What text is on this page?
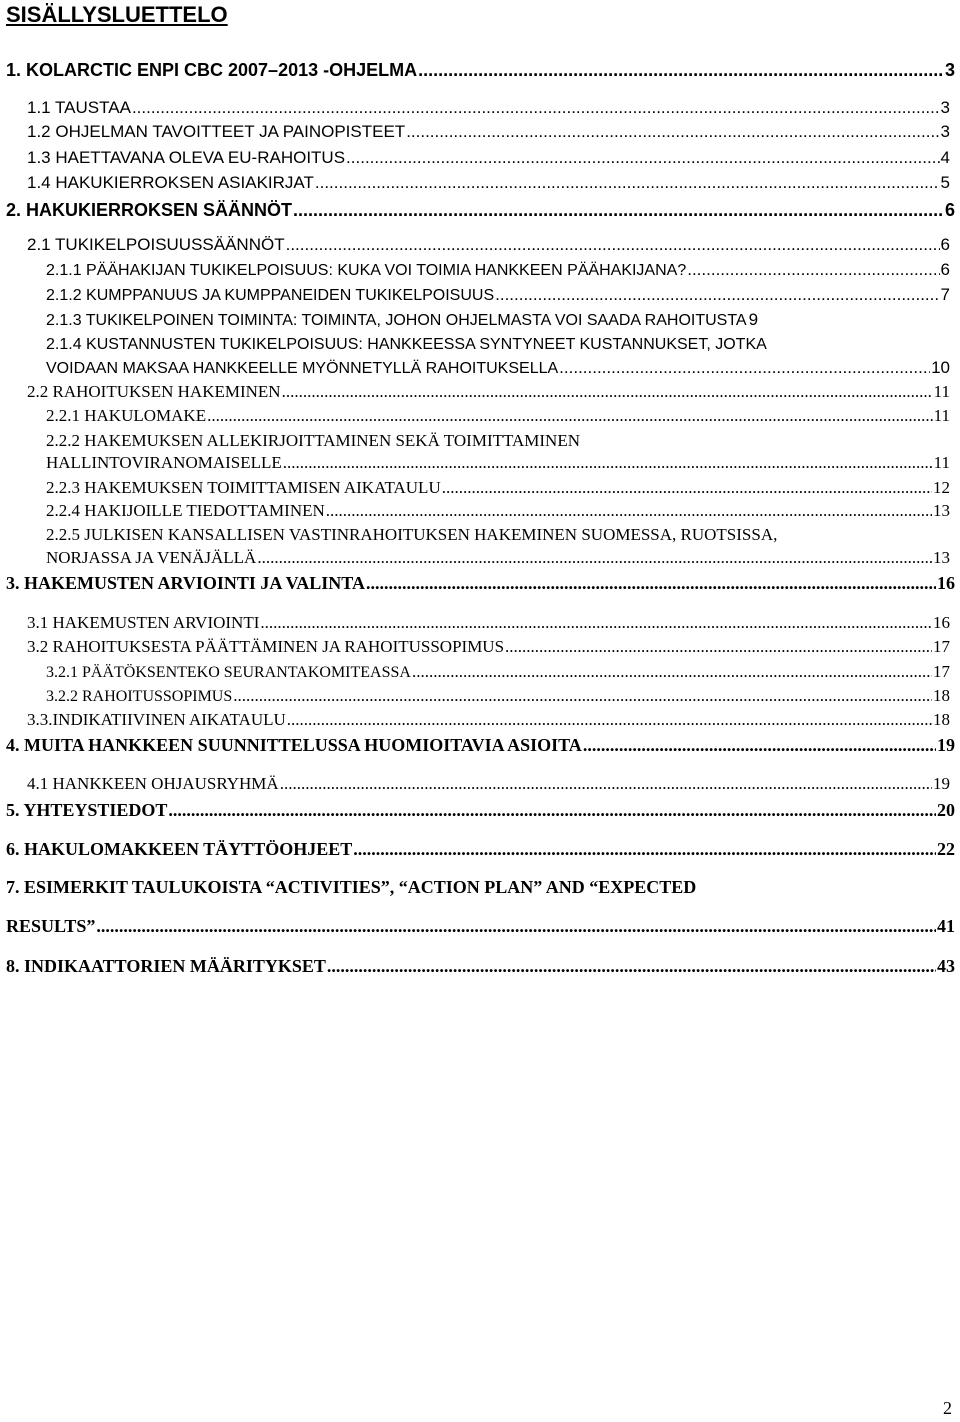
SISÄLLYSLUETTELO
1. KOLARCTIC ENPI CBC 2007–2013 -OHJELMA .....	3
1.1 TAUSTAA .....	3
1.2 OHJELMAN TAVOITTEET JA PAINOPISTEET .....	3
1.3 HAETTAVANA OLEVA EU-RAHOITUS .....	4
1.4 HAKUKIERROKSEN ASIAKIRJAT .....	5
2. HAKUKIERROKSEN SÄÄNNÖT .....	6
2.1 TUKIKELPOISUUSSÄÄNNÖT .....	6
2.1.1 PÄÄHAKIJAN TUKIKELPOISUUS: KUKA VOI TOIMIA HANKKEEN PÄÄHAKIJANA? .....	6
2.1.2 KUMPPANUUS JA KUMPPANEIDEN TUKIKELPOISUUS .....	7
2.1.3 TUKIKELPOINEN TOIMINTA: TOIMINTA, JOHON OHJELMASTA VOI SAADA RAHOITUSTA 9
2.1.4 KUSTANNUSTEN TUKIKELPOISUUS: HANKKEESSA SYNTYNEET KUSTANNUKSET, JOTKA
VOIDAAN MAKSAA HANKKEELLE MYÖNNETYLLÄ RAHOITUKSELLA .....	10
2.2 RAHOITUKSEN HAKEMINEN .....	11
2.2.1 HAKULOMAKE .....	11
2.2.2 HAKEMUKSEN ALLEKIRJOITTAMINEN SEKÄ TOIMITTAMINEN
HALLINTOVIRANOMAISELLE .....	11
2.2.3 HAKEMUKSEN TOIMITTAMISEN AIKATAULU .....	12
2.2.4 HAKIJOILLE TIEDOTTAMINEN .....	13
2.2.5 JULKISEN KANSALLISEN VASTINRAHOITUKSEN HAKEMINEN SUOMESSA, RUOTSISSA,
NORJASSA JA VENÄJÄLLÄ .....	13
3. HAKEMUSTEN ARVIOINTI JA VALINTA .....	16
3.1 HAKEMUSTEN ARVIOINTI .....	16
3.2 RAHOITUKSESTA PÄÄTTÄMINEN JA RAHOITUSSOPIMUS .....	17
3.2.1 PÄÄTÖKSENTEKO SEURANTAKOMITEASSA .....	17
3.2.2 RAHOITUSSOPIMUS .....	18
3.3.INDIKATIIVINEN AIKATAULU .....	18
4. MUITA HANKKEEN SUUNNITTELUSSA HUOMIOITAVIA ASIOITA .....	19
4.1 HANKKEEN OHJAUSRYHMÄ .....	19
5. YHTEYSTIEDOT .....	20
6. HAKULOMAKKEEN TÄYTTÖOHJEET .....	22
7. ESIMERKIT TAULUKOISTA “ACTIVITIES”, “ACTION PLAN” AND “EXPECTED
RESULTS” .....	41
8. INDIKAATTORIEN MÄÄRITYKSET .....	43
2
